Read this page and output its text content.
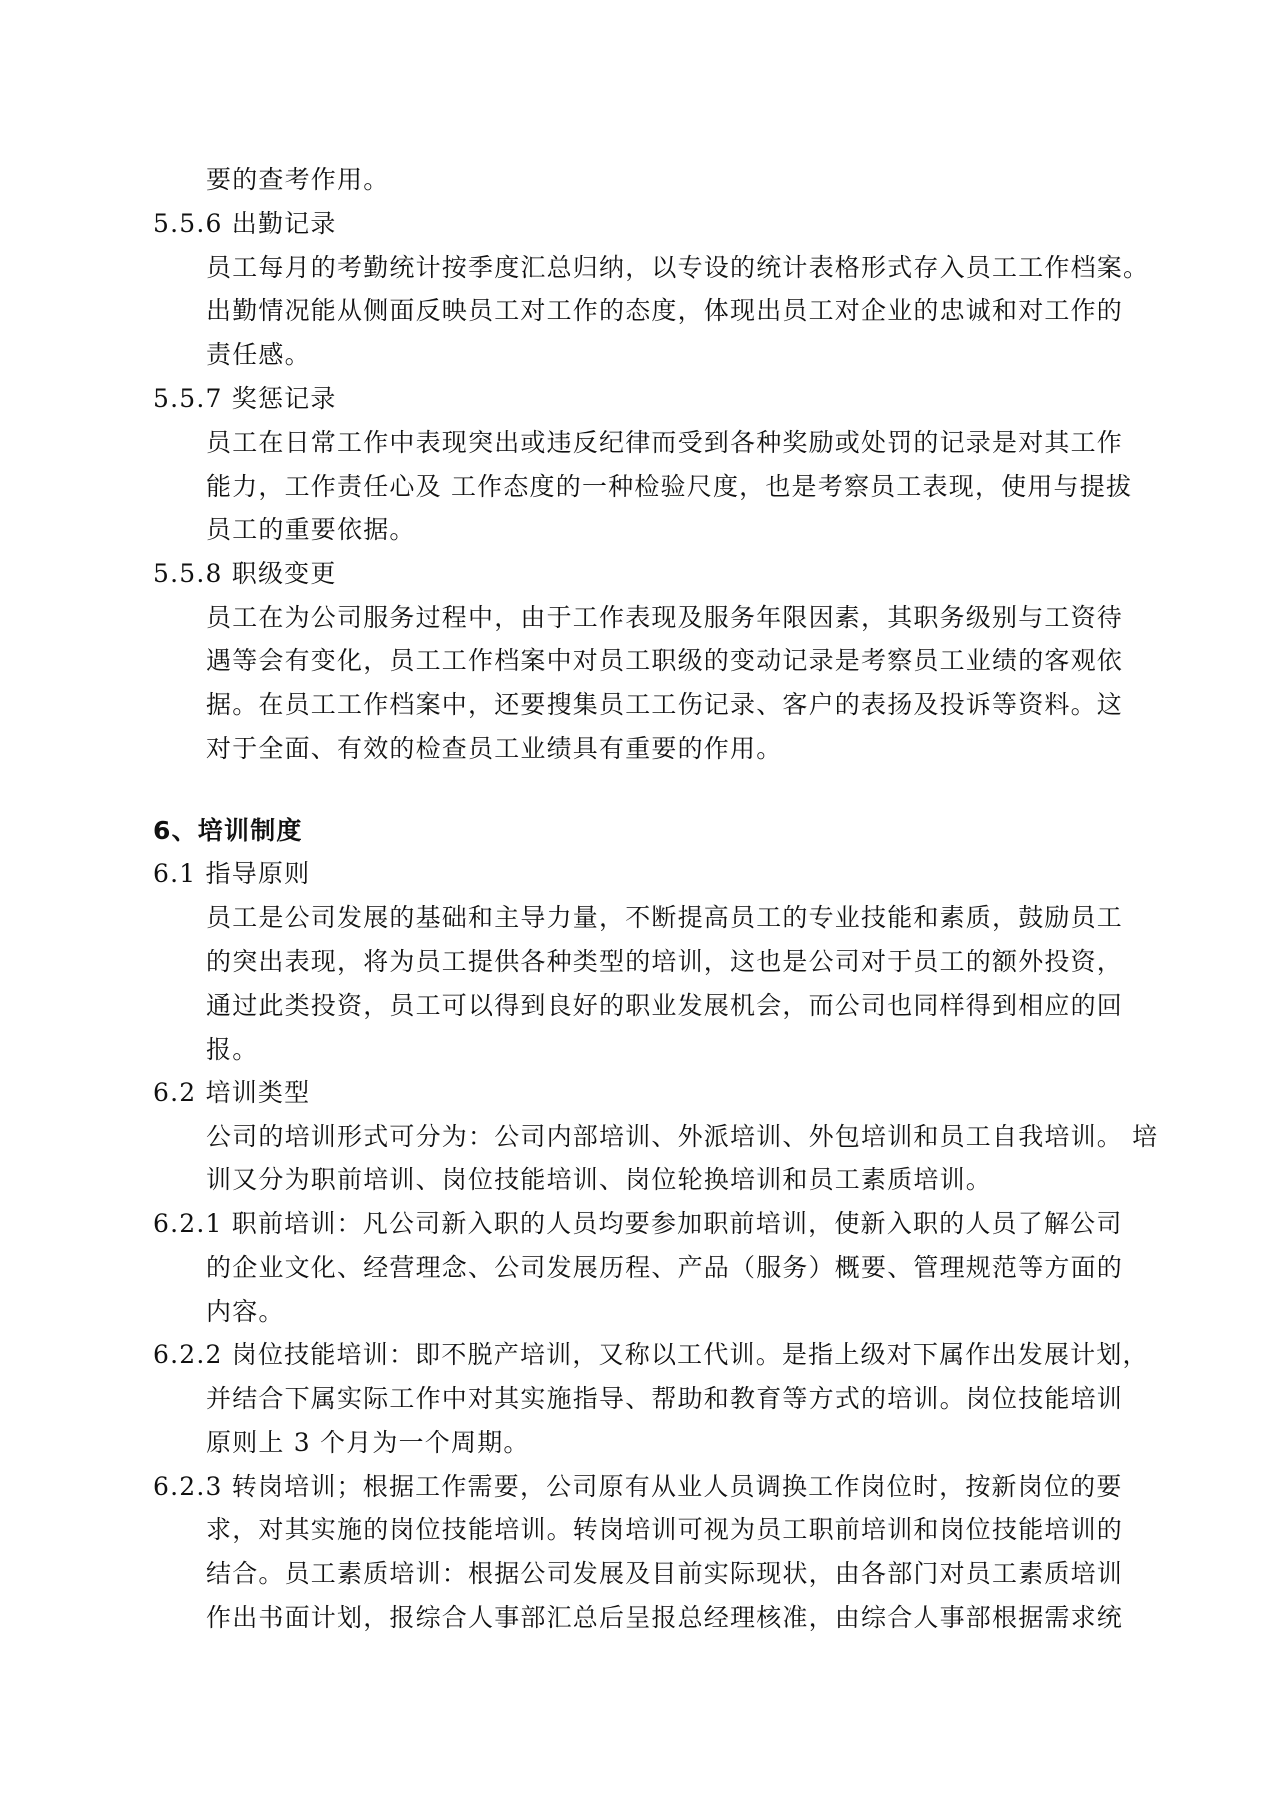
要的查考作用。
5.5.6 出勤记录
员工每月的考勤统计按季度汇总归纳，以专设的统计表格形式存入员工工作档案。
出勤情况能从侧面反映员工对工作的态度，体现出员工对企业的忠诚和对工作的
责任感。
5.5.7 奖惩记录
员工在日常工作中表现突出或违反纪律而受到各种奖励或处罚的记录是对其工作
能力，工作责任心及 工作态度的一种检验尺度，也是考察员工表现，使用与提拔
员工的重要依据。
5.5.8 职级变更
员工在为公司服务过程中，由于工作表现及服务年限因素，其职务级别与工资待
遇等会有变化，员工工作档案中对员工职级的变动记录是考察员工业绩的客观依
据。在员工工作档案中，还要搜集员工工伤记录、客户的表扬及投诉等资料。这
对于全面、有效的检查员工业绩具有重要的作用。
6、培训制度
6.1 指导原则
员工是公司发展的基础和主导力量，不断提高员工的专业技能和素质，鼓励员工
的突出表现，将为员工提供各种类型的培训，这也是公司对于员工的额外投资，
通过此类投资，员工可以得到良好的职业发展机会，而公司也同样得到相应的回
报。
6.2 培训类型
公司的培训形式可分为：公司内部培训、外派培训、外包培训和员工自我培训。 培
训又分为职前培训、岗位技能培训、岗位轮换培训和员工素质培训。
6.2.1 职前培训：凡公司新入职的人员均要参加职前培训，使新入职的人员了解公司
的企业文化、经营理念、公司发展历程、产品（服务）概要、管理规范等方面的
内容。
6.2.2 岗位技能培训：即不脱产培训，又称以工代训。是指上级对下属作出发展计划，
并结合下属实际工作中对其实施指导、帮助和教育等方式的培训。岗位技能培训
原则上 3 个月为一个周期。
6.2.3 转岗培训；根据工作需要，公司原有从业人员调换工作岗位时，按新岗位的要
求，对其实施的岗位技能培训。转岗培训可视为员工职前培训和岗位技能培训的
结合。员工素质培训：根据公司发展及目前实际现状，由各部门对员工素质培训
作出书面计划，报综合人事部汇总后呈报总经理核准，由综合人事部根据需求统
